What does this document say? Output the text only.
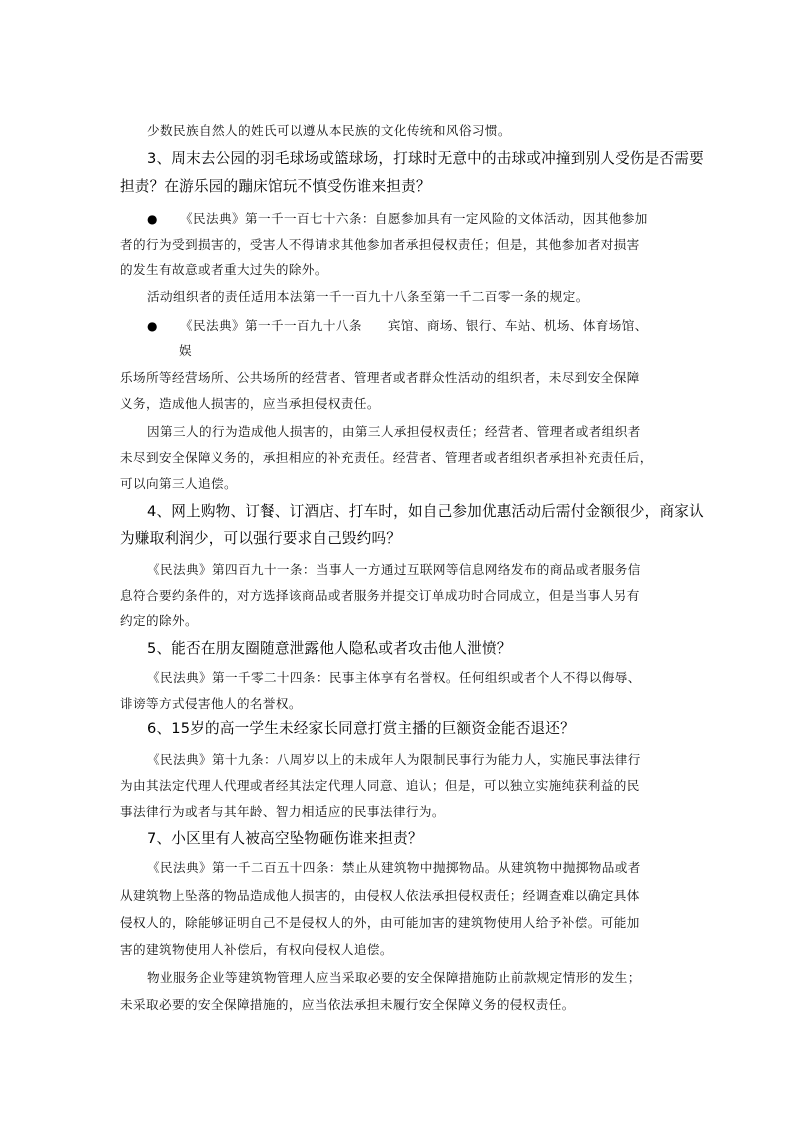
少数民族自然人的姓氏可以遵从本民族的文化传统和风俗习惯。
3、周末去公园的羽毛球场或篮球场，打球时无意中的击球或冲撞到别人受伤是否需要
担责？在游乐园的蹦床馆玩不慎受伤谁来担责？
● 《民法典》第一千一百七十六条：自愿参加具有一定风险的文体活动，因其他参加
者的行为受到损害的，受害人不得请求其他参加者承担侵权责任；但是，其他参加者对损害
的发生有故意或者重大过失的除外。
活动组织者的责任适用本法第一千一百九十八条至第一千二百零一条的规定。
● 《民法典》第一千一百九十八条　　宾馆、商场、银行、车站、机场、体育场馆、
娱
乐场所等经营场所、公共场所的经营者、管理者或者群众性活动的组织者，未尽到安全保障
义务，造成他人损害的，应当承担侵权责任。
因第三人的行为造成他人损害的，由第三人承担侵权责任；经营者、管理者或者组织者
未尽到安全保障义务的，承担相应的补充责任。经营者、管理者或者组织者承担补充责任后，
可以向第三人追偿。
4、网上购物、订餐、订酒店、打车时，如自己参加优惠活动后需付金额很少，商家认
为赚取利润少，可以强行要求自己毁约吗？
《民法典》第四百九十一条：当事人一方通过互联网等信息网络发布的商品或者服务信
息符合要约条件的，对方选择该商品或者服务并提交订单成功时合同成立，但是当事人另有
约定的除外。
5、能否在朋友圈随意泄露他人隐私或者攻击他人泄愤？
《民法典》第一千零二十四条：民事主体享有名誉权。任何组织或者个人不得以侮辱、
诽谤等方式侵害他人的名誉权。
6、15岁的高一学生未经家长同意打赏主播的巨额资金能否退还？
《民法典》第十九条：八周岁以上的未成年人为限制民事行为能力人，实施民事法律行
为由其法定代理人代理或者经其法定代理人同意、追认；但是，可以独立实施纯获利益的民
事法律行为或者与其年龄、智力相适应的民事法律行为。
7、小区里有人被高空坠物砸伤谁来担责？
《民法典》第一千二百五十四条：禁止从建筑物中抛掷物品。从建筑物中抛掷物品或者
从建筑物上坠落的物品造成他人损害的，由侵权人依法承担侵权责任；经调查难以确定具体
侵权人的，除能够证明自己不是侵权人的外，由可能加害的建筑物使用人给予补偿。可能加
害的建筑物使用人补偿后，有权向侵权人追偿。
物业服务企业等建筑物管理人应当采取必要的安全保障措施防止前款规定情形的发生；
未采取必要的安全保障措施的，应当依法承担未履行安全保障义务的侵权责任。
